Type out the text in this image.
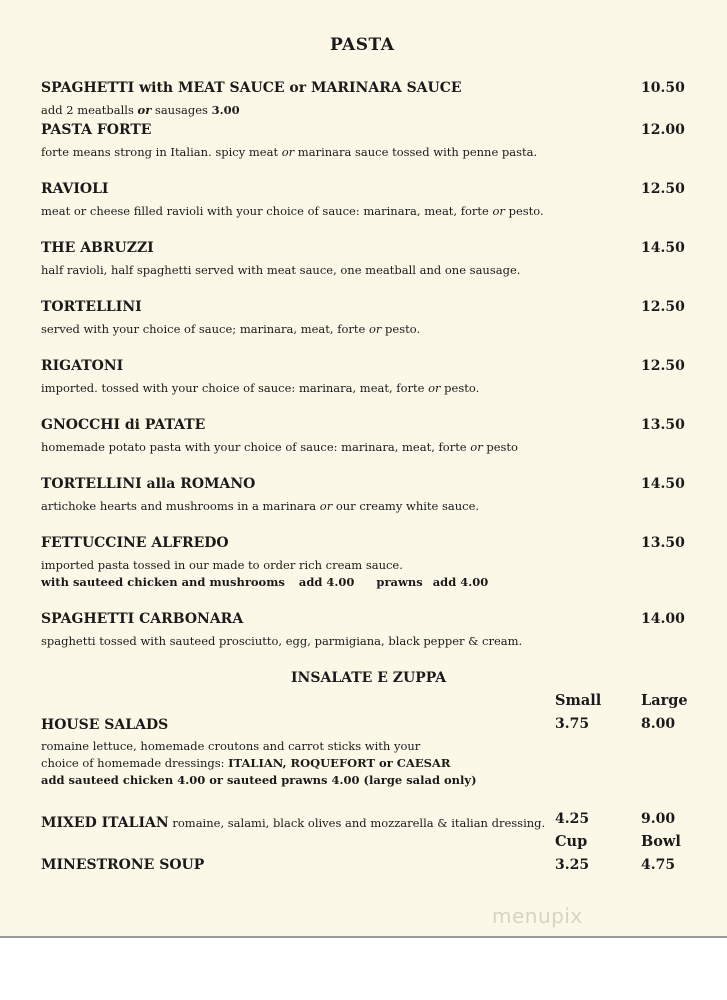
PASTA
SPAGHETTI with MEAT SAUCE or MARINARA SAUCE	10.50
add 2 meatballs or sausages 3.00
PASTA FORTE	12.00
forte means strong in Italian. spicy meat or marinara sauce tossed with penne pasta.
RAVIOLI	12.50
meat or cheese filled ravioli with your choice of sauce: marinara, meat, forte or pesto.
THE ABRUZZI	14.50
half ravioli, half spaghetti served with meat sauce, one meatball and one sausage.
TORTELLINI	12.50
served with your choice of sauce; marinara, meat, forte or pesto.
RIGATONI	12.50
imported. tossed with your choice of sauce: marinara, meat, forte or pesto.
GNOCCHI di PATATE	13.50
homemade potato pasta with your choice of sauce: marinara, meat, forte or pesto
TORTELLINI alla ROMANO	14.50
artichoke hearts and mushrooms in a marinara or our creamy white sauce.
FETTUCCINE ALFREDO	13.50
imported pasta tossed in our made to order rich cream sauce.
with sauteed chicken and mushrooms add 4.00 prawns add 4.00
SPAGHETTI CARBONARA	14.00
spaghetti tossed with sauteed prosciutto, egg, parmigiana, black pepper & cream.
INSALATE E ZUPPA
Small	Large
HOUSE SALADS	3.75	8.00
romaine lettuce, homemade croutons and carrot sticks with your
choice of homemade dressings: ITALIAN, ROQUEFORT or CAESAR
add sauteed chicken 4.00 or sauteed prawns 4.00 (large salad only)
MIXED ITALIAN romaine, salami, black olives and mozzarella & italian dressing. 4.25	9.00
Cup	Bowl
MINESTRONE SOUP	3.25	4.75
menupix
